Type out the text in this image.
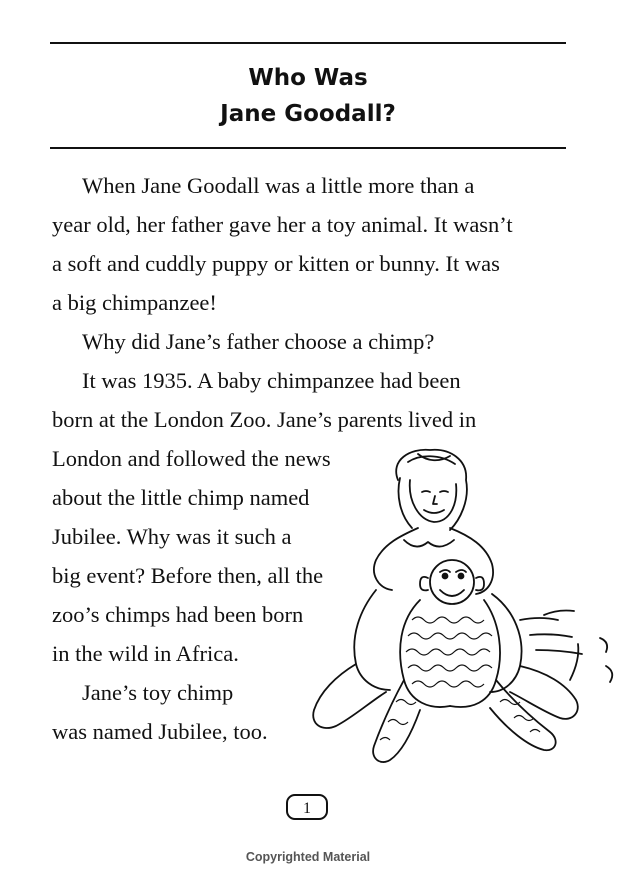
Who Was
Jane Goodall?
When Jane Goodall was a little more than a
year old, her father gave her a toy animal. It wasn’t
a soft and cuddly puppy or kitten or bunny. It was
a big chimpanzee!
Why did Jane’s father choose a chimp?
It was 1935. A baby chimpanzee had been
born at the London Zoo. Jane’s parents lived in
London and followed the news
about the little chimp named
Jubilee. Why was it such a
big event? Before then, all the
zoo’s chimps had been born
in the wild in Africa.
Jane’s toy chimp
was named Jubilee, too.
1
Copyrighted Material
